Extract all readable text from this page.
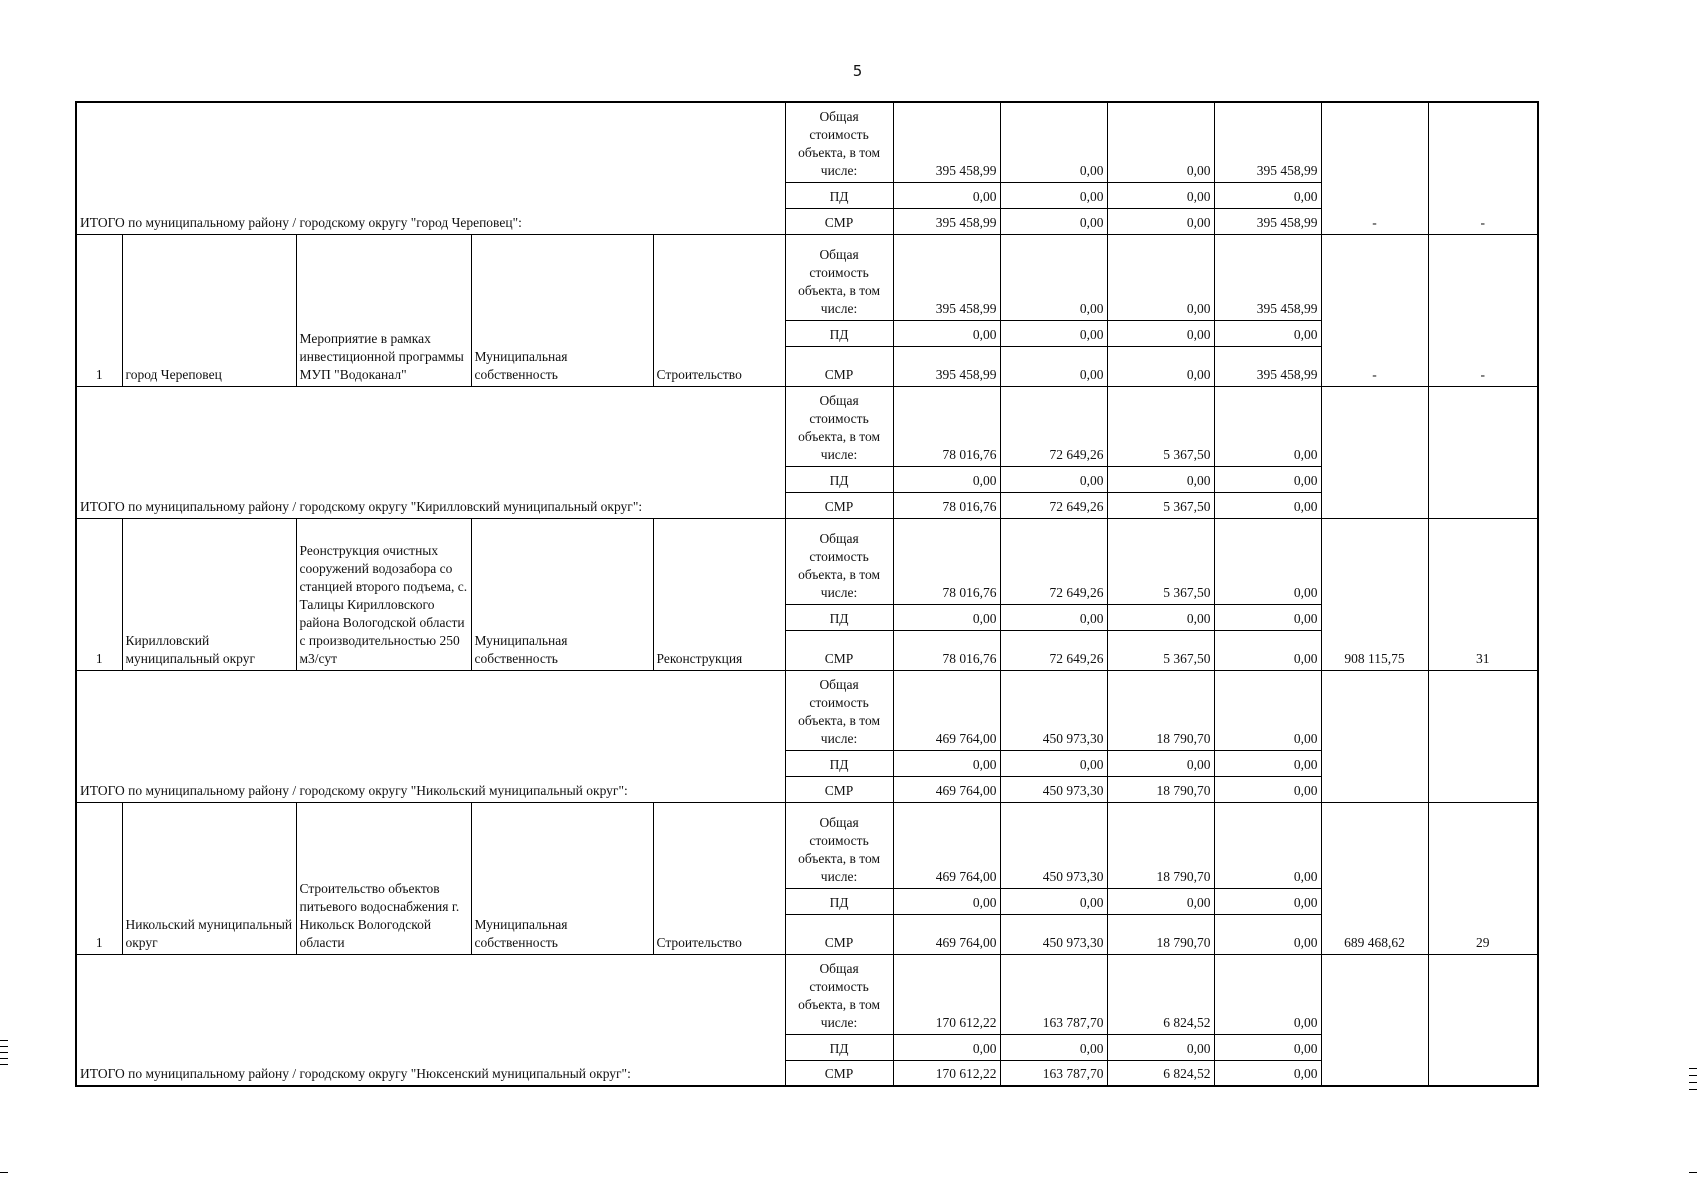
5
ИТОГО по муниципальному району / городскому округу "город Череповец":					Общая стоимость объекта, в том числе:	395 458,99	0,00	0,00	395 458,99	-	-
					ПД	0,00	0,00	0,00	0,00		
					СМР	395 458,99	0,00	0,00	395 458,99		
1	город Череповец	Мероприятие в рамках инвестиционной программы МУП "Водоканал"	Муниципальная собственность	Строительство	Общая стоимость объекта, в том числе:	395 458,99	0,00	0,00	395 458,99	-	-
					ПД	0,00	0,00	0,00	0,00		
					СМР	395 458,99	0,00	0,00	395 458,99		
ИТОГО по муниципальному району / городскому округу "Кирилловский муниципальный округ":					Общая стоимость объекта, в том числе:	78 016,76	72 649,26	5 367,50	0,00		
					ПД	0,00	0,00	0,00	0,00		
					СМР	78 016,76	72 649,26	5 367,50	0,00		
1	Кирилловский муниципальный округ	Реонструкция очистных сооружений водозабора со станцией второго подъема, с. Талицы Кирилловского района Вологодской области с производительностью 250 м3/сут	Муниципальная собственность	Реконструкция	Общая стоимость объекта, в том числе:	78 016,76	72 649,26	5 367,50	0,00	908 115,75	31
					ПД	0,00	0,00	0,00	0,00		
					СМР	78 016,76	72 649,26	5 367,50	0,00		
ИТОГО по муниципальному району / городскому округу "Никольский муниципальный округ":					Общая стоимость объекта, в том числе:	469 764,00	450 973,30	18 790,70	0,00		
					ПД	0,00	0,00	0,00	0,00		
					СМР	469 764,00	450 973,30	18 790,70	0,00		
1	Никольский муниципальный округ	Строительство объектов питьевого водоснабжения г. Никольск Вологодской области	Муниципальная собственность	Строительство	Общая стоимость объекта, в том числе:	469 764,00	450 973,30	18 790,70	0,00	689 468,62	29
					ПД	0,00	0,00	0,00	0,00		
					СМР	469 764,00	450 973,30	18 790,70	0,00		
ИТОГО по муниципальному району / городскому округу "Нюксенский муниципальный округ":					Общая стоимость объекта, в том числе:	170 612,22	163 787,70	6 824,52	0,00		
					ПД	0,00	0,00	0,00	0,00		
					СМР	170 612,22	163 787,70	6 824,52	0,00		
